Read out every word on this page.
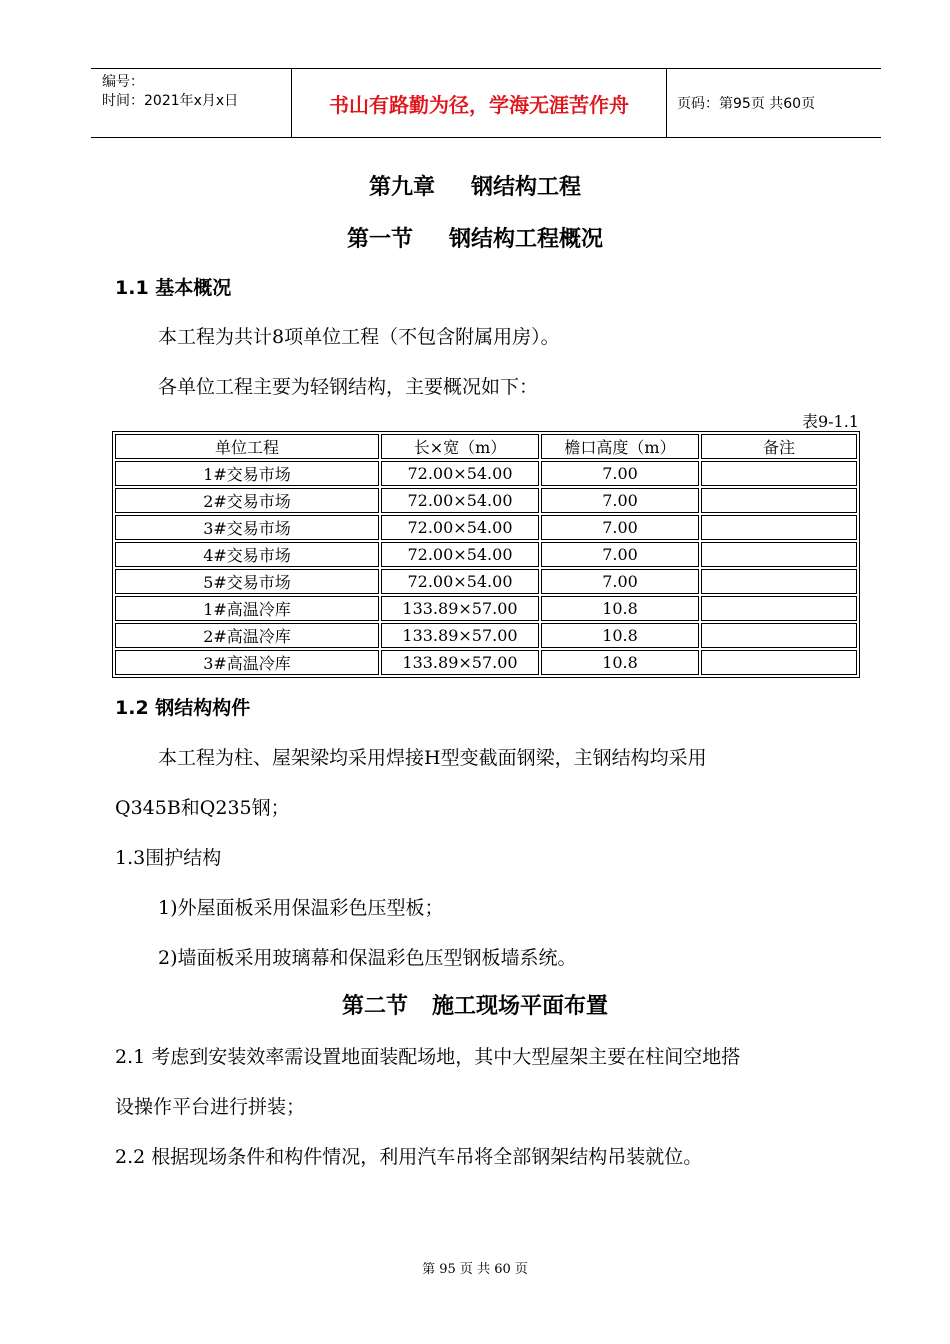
编号：
时间：2021年x月x日	书山有路勤为径，学海无涯苦作舟	页码：第95页 共60页
第九章 钢结构工程
第一节 钢结构工程概况
1.1 基本概况
本工程为共计8项单位工程（不包含附属用房）。
各单位工程主要为轻钢结构，主要概况如下：
表9-1.1
单位工程	长×宽（m）	檐口高度（m）	备注
1#交易市场	72.00×54.00	7.00	
2#交易市场	72.00×54.00	7.00	
3#交易市场	72.00×54.00	7.00	
4#交易市场	72.00×54.00	7.00	
5#交易市场	72.00×54.00	7.00	
1#高温冷库	133.89×57.00	10.8	
2#高温冷库	133.89×57.00	10.8	
3#高温冷库	133.89×57.00	10.8	
1.2 钢结构构件
本工程为柱、屋架梁均采用焊接H型变截面钢梁，主钢结构均采用
Q345B和Q235钢；
1.3围护结构
1)外屋面板采用保温彩色压型板；
2)墙面板采用玻璃幕和保温彩色压型钢板墙系统。
第二节 施工现场平面布置
2.1 考虑到安装效率需设置地面装配场地，其中大型屋架主要在柱间空地搭
设操作平台进行拼装；
2.2 根据现场条件和构件情况，利用汽车吊将全部钢架结构吊装就位。
第 95 页 共 60 页
